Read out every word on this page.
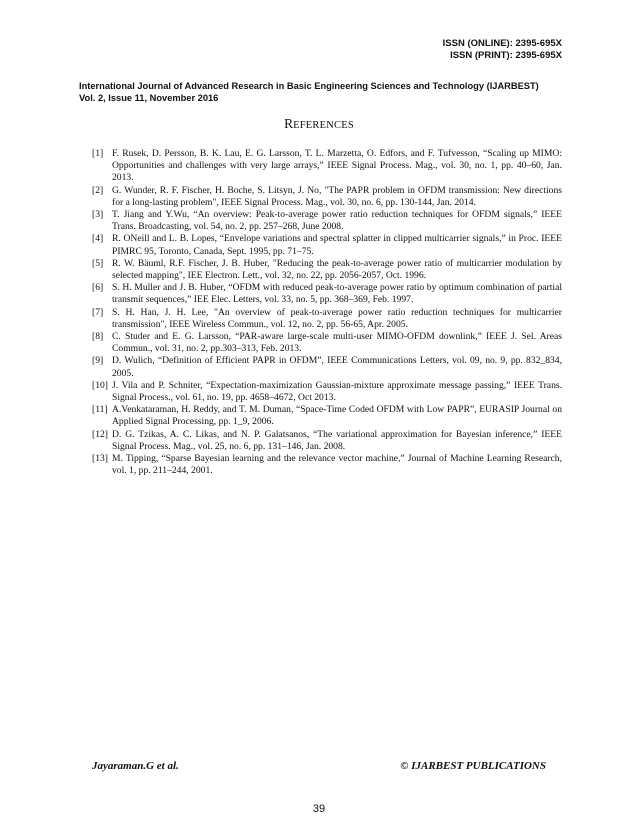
ISSN (ONLINE): 2395-695X
ISSN (PRINT): 2395-695X
International Journal of Advanced Research in Basic Engineering Sciences and Technology (IJARBEST)
Vol. 2, Issue 11, November 2016
REFERENCES
[1] F. Rusek, D. Persson, B. K. Lau, E. G. Larsson, T. L. Marzetta, O. Edfors, and F. Tufvesson, “Scaling up MIMO: Opportunities and challenges with very large arrays,” IEEE Signal Process. Mag., vol. 30, no. 1, pp. 40–60, Jan. 2013.
[2] G. Wunder, R. F. Fischer, H. Boche, S. Litsyn, J. No, "The PAPR problem in OFDM transmission: New directions for a long-lasting problem", IEEE Signal Process. Mag., vol. 30, no. 6, pp. 130-144, Jan. 2014.
[3] T. Jiang and Y.Wu, “An overview: Peak-to-average power ratio reduction techniques for OFDM signals,” IEEE Trans. Broadcasting, vol. 54, no. 2, pp. 257–268, June 2008.
[4] R. ONeill and L. B. Lopes, “Envelope variations and spectral splatter in clipped multicarrier signals,” in Proc. IEEE PIMRC 95, Toronto, Canada, Sept. 1995, pp. 71–75.
[5] R. W. Bäuml, R.F. Fischer, J. B. Huber, "Reducing the peak-to-average power ratio of multicarrier modulation by selected mapping", IEE Electron. Lett., vol. 32, no. 22, pp. 2056-2057, Oct. 1996.
[6] S. H. Muller and J. B. Huber, “OFDM with reduced peak-to-average power ratio by optimum combination of partial transmit sequences,” IEE Elec. Letters, vol. 33, no. 5, pp. 368–369, Feb. 1997.
[7] S. H. Han, J. H. Lee, "An overview of peak-to-average power ratio reduction techniques for multicarrier transmission", IEEE Wireless Commun., vol. 12, no. 2, pp. 56-65, Apr. 2005.
[8] C. Studer and E. G. Larsson, “PAR-aware large-scale multi-user MIMO-OFDM downlink,” IEEE J. Sel. Areas Commun., vol. 31, no. 2, pp.303–313, Feb. 2013.
[9] D. Wulich, “Definition of Efficient PAPR in OFDM”, IEEE Communications Letters, vol. 09, no. 9, pp. 832_834, 2005.
[10] J. Vila and P. Schniter, “Expectation-maximization Gaussian-mixture approximate message passing,” IEEE Trans. Signal Process., vol. 61, no. 19, pp. 4658–4672, Oct 2013.
[11] A.Venkataraman, H. Reddy, and T. M. Duman, “Space-Time Coded OFDM with Low PAPR”, EURASIP Journal on Applied Signal Processing, pp. 1_9, 2006.
[12] D. G. Tzikas, A. C. Likas, and N. P. Galatsanos, “The variational approximation for Bayesian inference,” IEEE Signal Process. Mag., vol. 25, no. 6, pp. 131–146, Jan. 2008.
[13] M. Tipping, “Sparse Bayesian learning and the relevance vector machine,” Journal of Machine Learning Research, vol. 1, pp. 211–244, 2001.
Jayaraman.G et al.	© IJARBEST PUBLICATIONS
39
